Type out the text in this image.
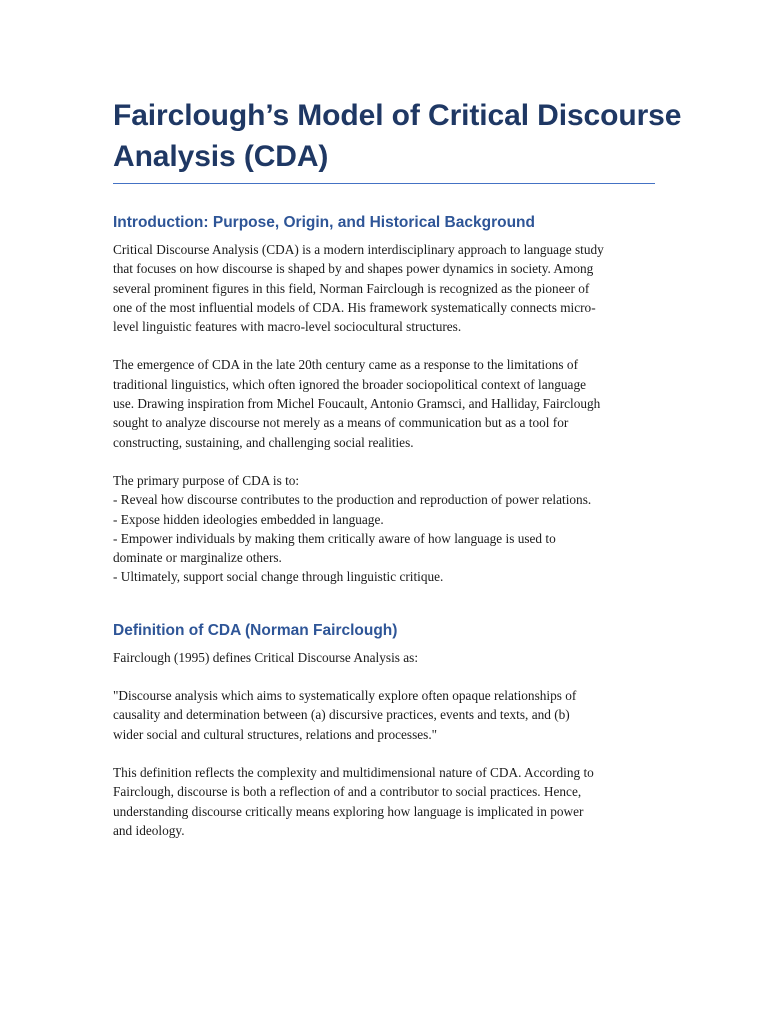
Fairclough’s Model of Critical Discourse
Analysis (CDA)
Introduction: Purpose, Origin, and Historical Background

Critical Discourse Analysis (CDA) is a modern interdisciplinary approach to language study
that focuses on how discourse is shaped by and shapes power dynamics in society. Among
several prominent figures in this field, Norman Fairclough is recognized as the pioneer of
one of the most influential models of CDA. His framework systematically connects micro-
level linguistic features with macro-level sociocultural structures.

The emergence of CDA in the late 20th century came as a response to the limitations of
traditional linguistics, which often ignored the broader sociopolitical context of language
use. Drawing inspiration from Michel Foucault, Antonio Gramsci, and Halliday, Fairclough
sought to analyze discourse not merely as a means of communication but as a tool for
constructing, sustaining, and challenging social realities.

The primary purpose of CDA is to:
- Reveal how discourse contributes to the production and reproduction of power relations.
- Expose hidden ideologies embedded in language.
- Empower individuals by making them critically aware of how language is used to
dominate or marginalize others.
- Ultimately, support social change through linguistic critique.

Definition of CDA (Norman Fairclough)

Fairclough (1995) defines Critical Discourse Analysis as:

"Discourse analysis which aims to systematically explore often opaque relationships of
causality and determination between (a) discursive practices, events and texts, and (b)
wider social and cultural structures, relations and processes."

This definition reflects the complexity and multidimensional nature of CDA. According to
Fairclough, discourse is both a reflection of and a contributor to social practices. Hence,
understanding discourse critically means exploring how language is implicated in power
and ideology.
